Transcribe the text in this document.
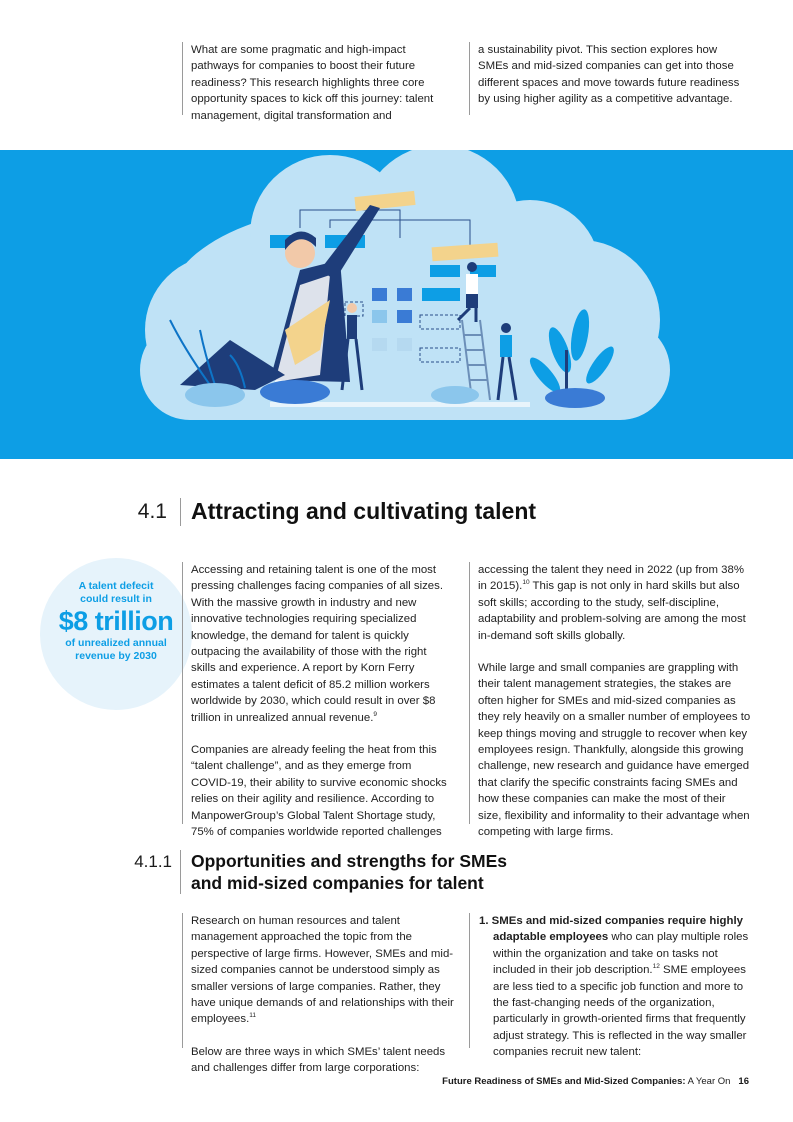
What are some pragmatic and high-impact pathways for companies to boost their future readiness? This research highlights three core opportunity spaces to kick off this journey: talent management, digital transformation and

a sustainability pivot. This section explores how SMEs and mid-sized companies can get into those different spaces and move towards future readiness by using higher agility as a competitive advantage.

4.1 Attracting and cultivating talent
A talent defecit could result in
$8 trillion
of unrealized annual revenue by 2030

Accessing and retaining talent is one of the most pressing challenges facing companies of all sizes. With the massive growth in industry and new innovative technologies requiring specialized knowledge, the demand for talent is quickly outpacing the availability of those with the right skills and experience. A report by Korn Ferry estimates a talent deficit of 85.2 million workers worldwide by 2030, which could result in over $8 trillion in unrealized annual revenue.$^9$

Companies are already feeling the heat from this “talent challenge”, and as they emerge from COVID-19, their ability to survive economic shocks relies on their agility and resilience. According to ManpowerGroup’s Global Talent Shortage study, 75% of companies worldwide reported challenges

accessing the talent they need in 2022 (up from 38% in 2015).$^{10}$ This gap is not only in hard skills but also soft skills; according to the study, self-discipline, adaptability and problem-solving are among the most in-demand soft skills globally.

While large and small companies are grappling with their talent management strategies, the stakes are often higher for SMEs and mid-sized companies as they rely heavily on a smaller number of employees to keep things moving and struggle to recover when key employees resign. Thankfully, alongside this growing challenge, new research and guidance have emerged that clarify the specific constraints facing SMEs and how these companies can make the most of their size, flexibility and informality to their advantage when competing with large firms.

4.1.1 Opportunities and strengths for SMEs
and mid-sized companies for talent

Research on human resources and talent management approached the topic from the perspective of large firms. However, SMEs and mid-sized companies cannot be understood simply as smaller versions of large companies. Rather, they have unique demands of and relationships with their employees.$^{11}$

Below are three ways in which SMEs’ talent needs and challenges differ from large corporations:

1. SMEs and mid-sized companies require highly adaptable employees who can play multiple roles within the organization and take on tasks not included in their job description.$^{12}$ SME employees are less tied to a specific job function and more to the fast-changing needs of the organization, particularly in growth-oriented firms that frequently adjust strategy. This is reflected in the way smaller companies recruit new talent:

Future Readiness of SMEs and Mid-Sized Companies: A Year On 16
